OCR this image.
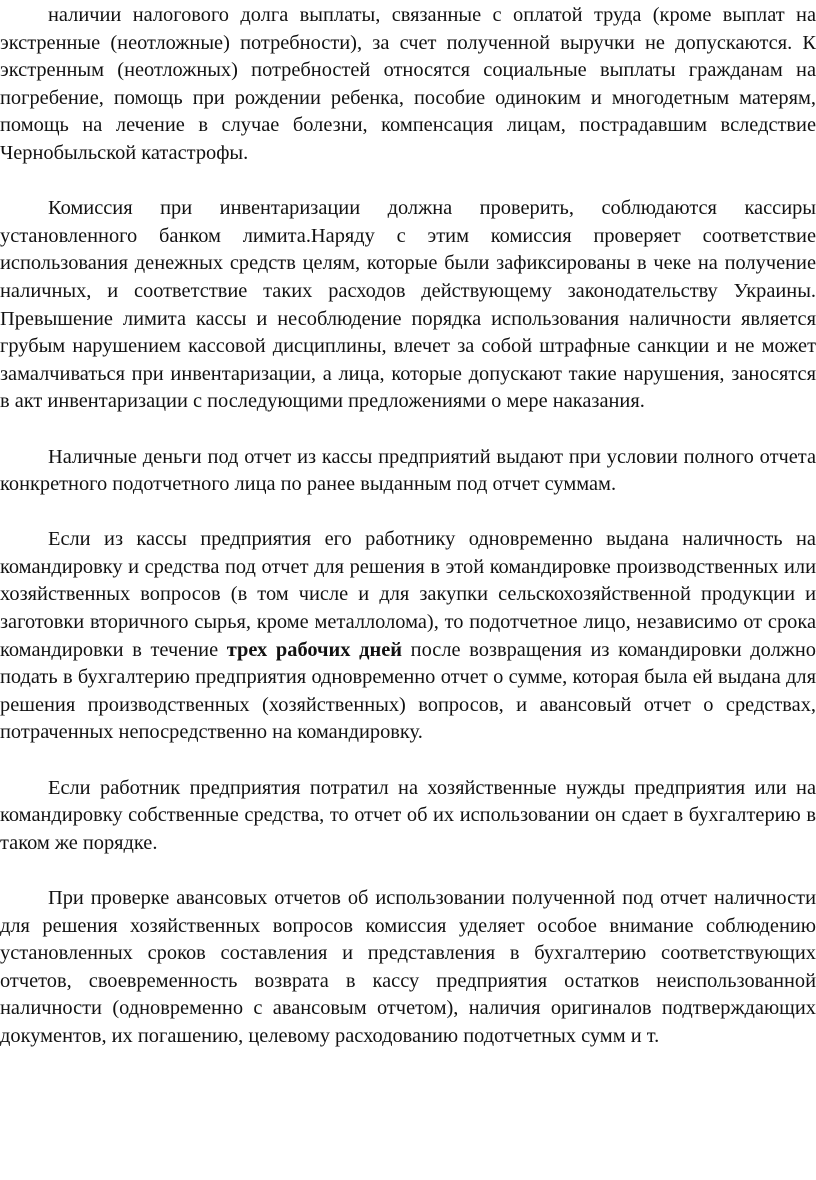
наличии налогового долга выплаты, связанные с оплатой труда (кроме выплат на экстренные (неотложные) потребности), за счет полученной выручки не допускаются. К экстренным (неотложных) потребностей относятся социальные выплаты гражданам на погребение, помощь при рождении ребенка, пособие одиноким и многодетным матерям, помощь на лечение в случае болезни, компенсация лицам, пострадавшим вследствие Чернобыльской катастрофы.

Комиссия при инвентаризации должна проверить, соблюдаются кассиры установленного банком лимита.Наряду с этим комиссия проверяет соответствие использования денежных средств целям, которые были зафиксированы в чеке на получение наличных, и соответствие таких расходов действующему законодательству Украины. Превышение лимита кассы и несоблюдение порядка использования наличности является грубым нарушением кассовой дисциплины, влечет за собой штрафные санкции и не может замалчиваться при инвентаризации, а лица, которые допускают такие нарушения, заносятся в акт инвентаризации с последующими предложениями о мере наказания.

Наличные деньги под отчет из кассы предприятий выдают при условии полного отчета конкретного подотчетного лица по ранее выданным под отчет суммам.

Если из кассы предприятия его работнику одновременно выдана наличность на командировку и средства под отчет для решения в этой командировке производственных или хозяйственных вопросов (в том числе и для закупки сельскохозяйственной продукции и заготовки вторичного сырья, кроме металлолома), то подотчетное лицо, независимо от срока командировки в течение трех рабочих дней после возвращения из командировки должно подать в бухгалтерию предприятия одновременно отчет о сумме, которая была ей выдана для решения производственных (хозяйственных) вопросов, и авансовый отчет о средствах, потраченных непосредственно на командировку.

Если работник предприятия потратил на хозяйственные нужды предприятия или на командировку собственные средства, то отчет об их использовании он сдает в бухгалтерию в таком же порядке.

При проверке авансовых отчетов об использовании полученной под отчет наличности для решения хозяйственных вопросов комиссия уделяет особое внимание соблюдению установленных сроков составления и представления в бухгалтерию соответствующих отчетов, своевременность возврата в кассу предприятия остатков неиспользованной наличности (одновременно с авансовым отчетом), наличия оригиналов подтверждающих документов, их погашению, целевому расходованию подотчетных сумм и т.
